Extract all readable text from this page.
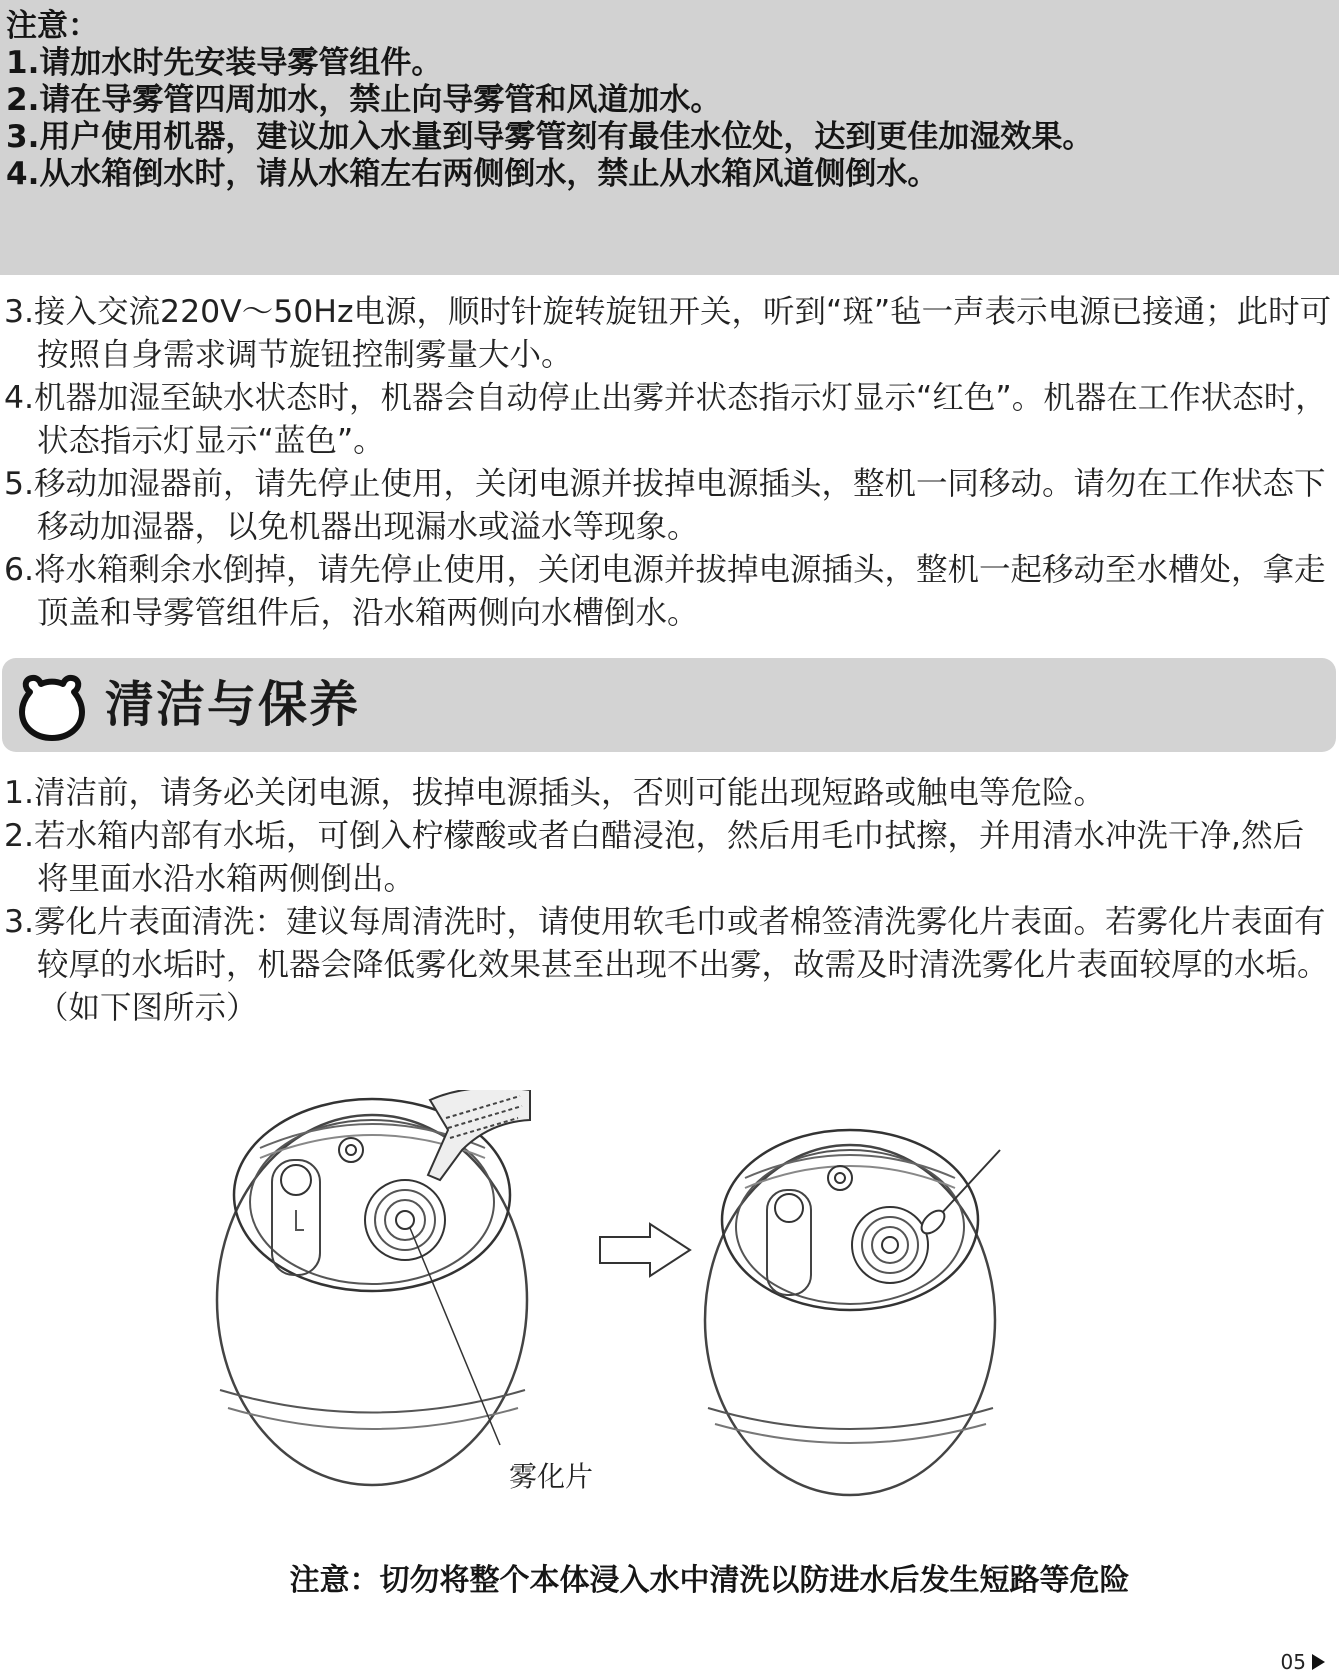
注意：
1.请加水时先安装导雾管组件。
2.请在导雾管四周加水，禁止向导雾管和风道加水。
3.用户使用机器，建议加入水量到导雾管刻有最佳水位处，达到更佳加湿效果。
4.从水箱倒水时，请从水箱左右两侧倒水，禁止从水箱风道侧倒水。
3.接入交流220V～50Hz电源，顺时针旋转旋钮开关，听到“斑”毡一声表示电源已接通；此时可按照自身需求调节旋钮控制雾量大小。
4.机器加湿至缺水状态时，机器会自动停止出雾并状态指示灯显示“红色”。机器在工作状态时，状态指示灯显示“蓝色”。
5.移动加湿器前，请先停止使用，关闭电源并拔掉电源插头，整机一同移动。请勿在工作状态下移动加湿器，以免机器出现漏水或溢水等现象。
6.将水箱剩余水倒掉，请先停止使用，关闭电源并拔掉电源插头，整机一起移动至水槽处，拿走顶盖和导雾管组件后，沿水箱两侧向水槽倒水。
清洁与保养
1.清洁前，请务必关闭电源，拔掉电源插头，否则可能出现短路或触电等危险。
2.若水箱内部有水垢，可倒入柠檬酸或者白醋浸泡，然后用毛巾拭擦，并用清水冲洗干净,然后将里面水沿水箱两侧倒出。
3.雾化片表面清洗：建议每周清洗时，请使用软毛巾或者棉签清洗雾化片表面。若雾化片表面有较厚的水垢时，机器会降低雾化效果甚至出现不出雾，故需及时清洗雾化片表面较厚的水垢。（如下图所示）
雾化片
注意：切勿将整个本体浸入水中清洗以防进水后发生短路等危险
05
